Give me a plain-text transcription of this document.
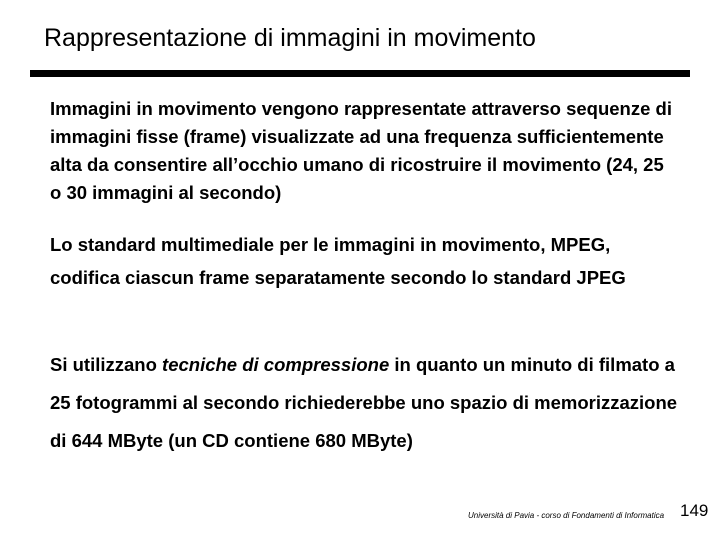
Rappresentazione di immagini in movimento

Immagini in movimento vengono rappresentate attraverso sequenze di immagini fisse (frame) visualizzate ad una frequenza sufficientemente alta da consentire all’occhio umano di ricostruire il movimento (24, 25 o 30 immagini al secondo)

Lo standard multimediale per le immagini in movimento, MPEG, codifica ciascun frame separatamente secondo lo standard JPEG

Si utilizzano tecniche di compressione in quanto un minuto di filmato a 25 fotogrammi al secondo richiederebbe uno spazio di memorizzazione di 644 MByte (un CD contiene 680 MByte)

Università di Pavia - corso di Fondamenti di Informatica 149
